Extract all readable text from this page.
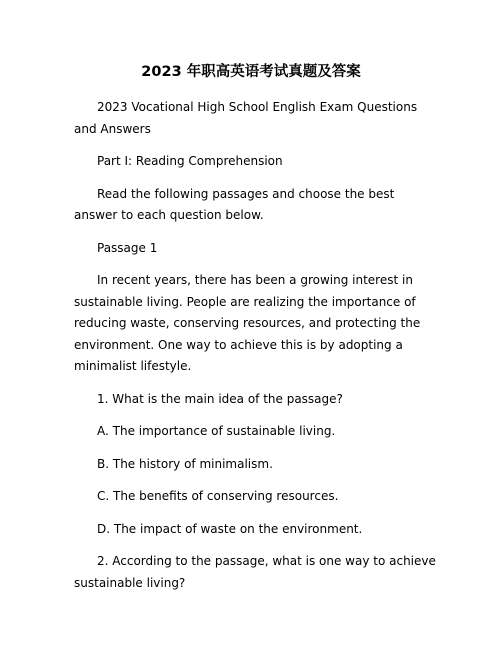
2023 年职高英语考试真题及答案

2023 Vocational High School English Exam Questions and Answers

Part I: Reading Comprehension

Read the following passages and choose the best answer to each question below.

Passage 1

In recent years, there has been a growing interest in sustainable living. People are realizing the importance of reducing waste, conserving resources, and protecting the environment. One way to achieve this is by adopting a minimalist lifestyle.

1. What is the main idea of the passage?

A. The importance of sustainable living.

B. The history of minimalism.

C. The benefits of conserving resources.

D. The impact of waste on the environment.

2. According to the passage, what is one way to achieve sustainable living?
